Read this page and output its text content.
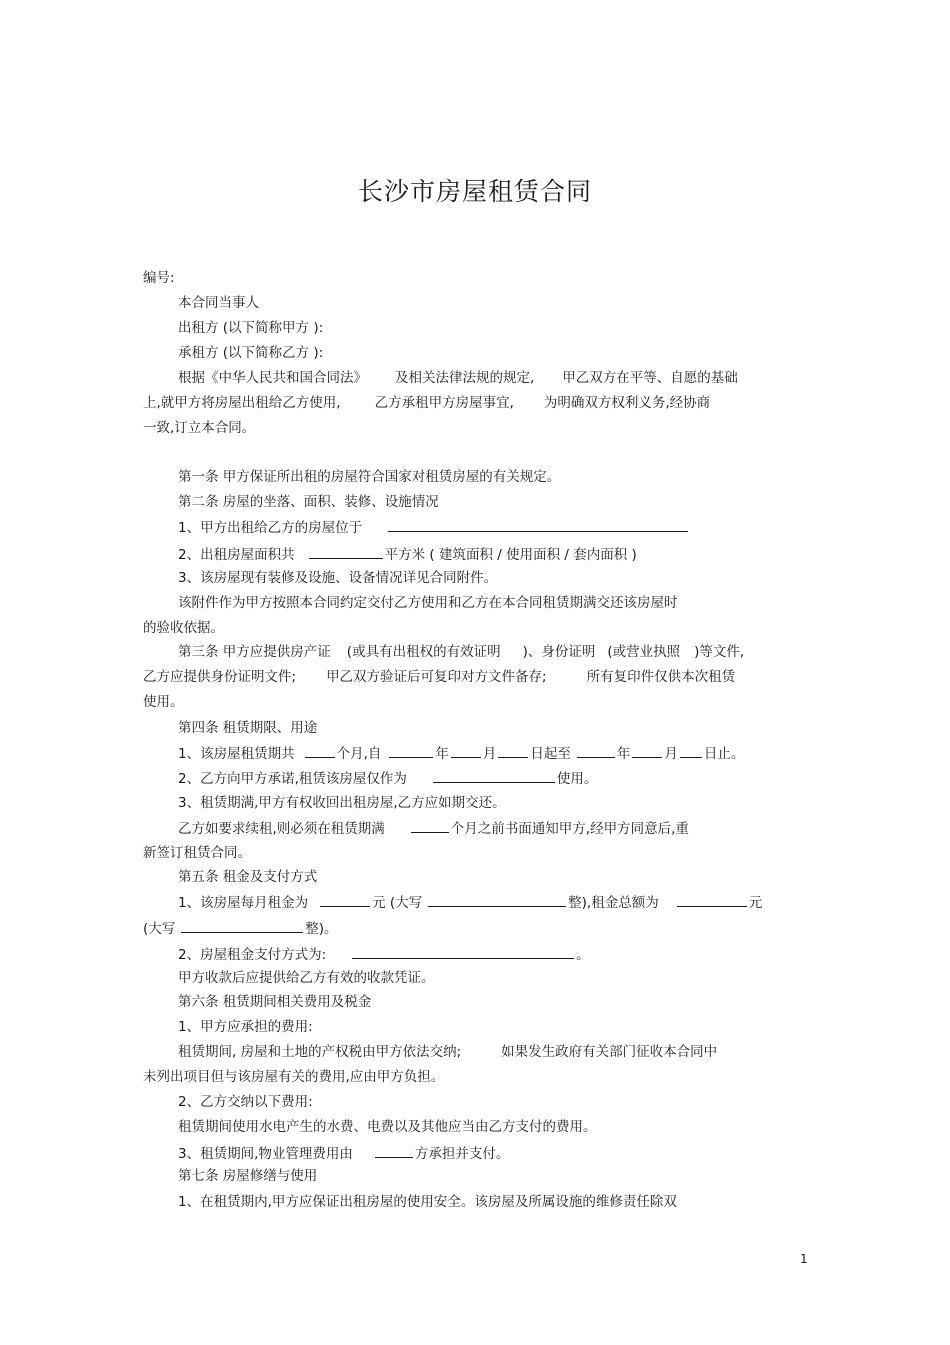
长沙市房屋租赁合同
编号:
本合同当事人
出租方 (以下简称甲方 ):
承租方 (以下简称乙方 ):
根据《中华人民共和国合同法》 及相关法律法规的规定, 甲乙双方在平等、自愿的基础
上,就甲方将房屋出租给乙方使用,	乙方承租甲方房屋事宜, 为明确双方权利义务,经协商
一致,订立本合同。
第一条 甲方保证所出租的房屋符合国家对租赁房屋的有关规定。
第二条 房屋的坐落、面积、装修、设施情况
1、甲方出租给乙方的房屋位于
2、出租房屋面积共	平方米 ( 建筑面积 / 使用面积 / 套内面积 )
3、该房屋现有装修及设施、设备情况详见合同附件。
该附件作为甲方按照本合同约定交付乙方使用和乙方在本合同租赁期满交还该房屋时
的验收依据。
第三条 甲方应提供房产证 (或具有出租权的有效证明 )、身份证明 (或营业执照 )等文件,
乙方应提供身份证明文件; 甲乙双方验证后可复印对方文件备存;	所有复印件仅供本次租赁
使用。
第四条 租赁期限、用途
1、该房屋租赁期共	个月,自	年	月	日起至	年	月 日止。
2、乙方向甲方承诺,租赁该房屋仅作为	使用。
3、租赁期满,甲方有权收回出租房屋,乙方应如期交还。
乙方如要求续租,则必须在租赁期满	个月之前书面通知甲方,经甲方同意后,重
新签订租赁合同。
第五条 租金及支付方式
1、该房屋每月租金为	元 (大写	整),租金总额为	元
(大写	整)。
2、房屋租金支付方式为:	。
甲方收款后应提供给乙方有效的收款凭证。
第六条 租赁期间相关费用及税金
1、甲方应承担的费用:
租赁期间, 房屋和土地的产权税由甲方依法交纳;	如果发生政府有关部门征收本合同中
未列出项目但与该房屋有关的费用,应由甲方负担。
2、乙方交纳以下费用:
租赁期间使用水电产生的水费、电费以及其他应当由乙方支付的费用。
3、租赁期间,物业管理费用由	方承担并支付。
第七条 房屋修缮与使用
1、在租赁期内,甲方应保证出租房屋的使用安全。该房屋及所属设施的维修责任除双
1
